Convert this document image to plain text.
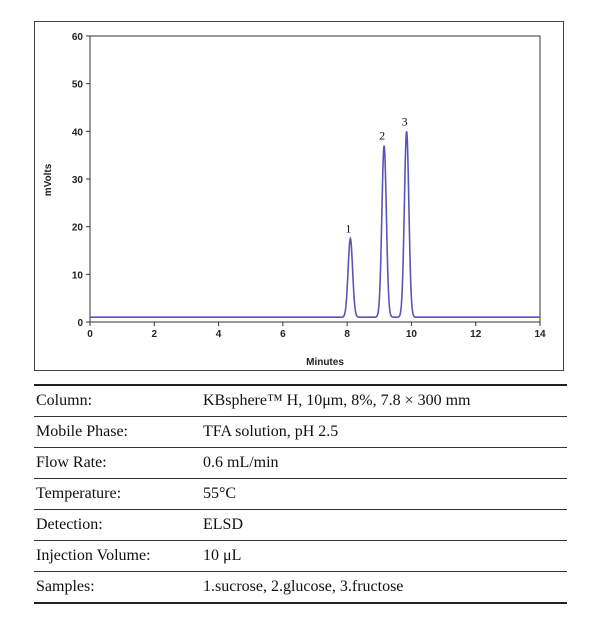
0	2	4	6	8	10	12	14
0
10
20
30
40
50
60
1
2
3
Minutes
mVolts
Column:	KBsphere™ H, 10μm, 8%, 7.8 × 300 mm
Mobile Phase:	TFA solution, pH 2.5
Flow Rate:	0.6 mL/min
Temperature:	55°C
Detection:	ELSD
Injection Volume:	10 μL
Samples:	1.sucrose, 2.glucose, 3.fructose
